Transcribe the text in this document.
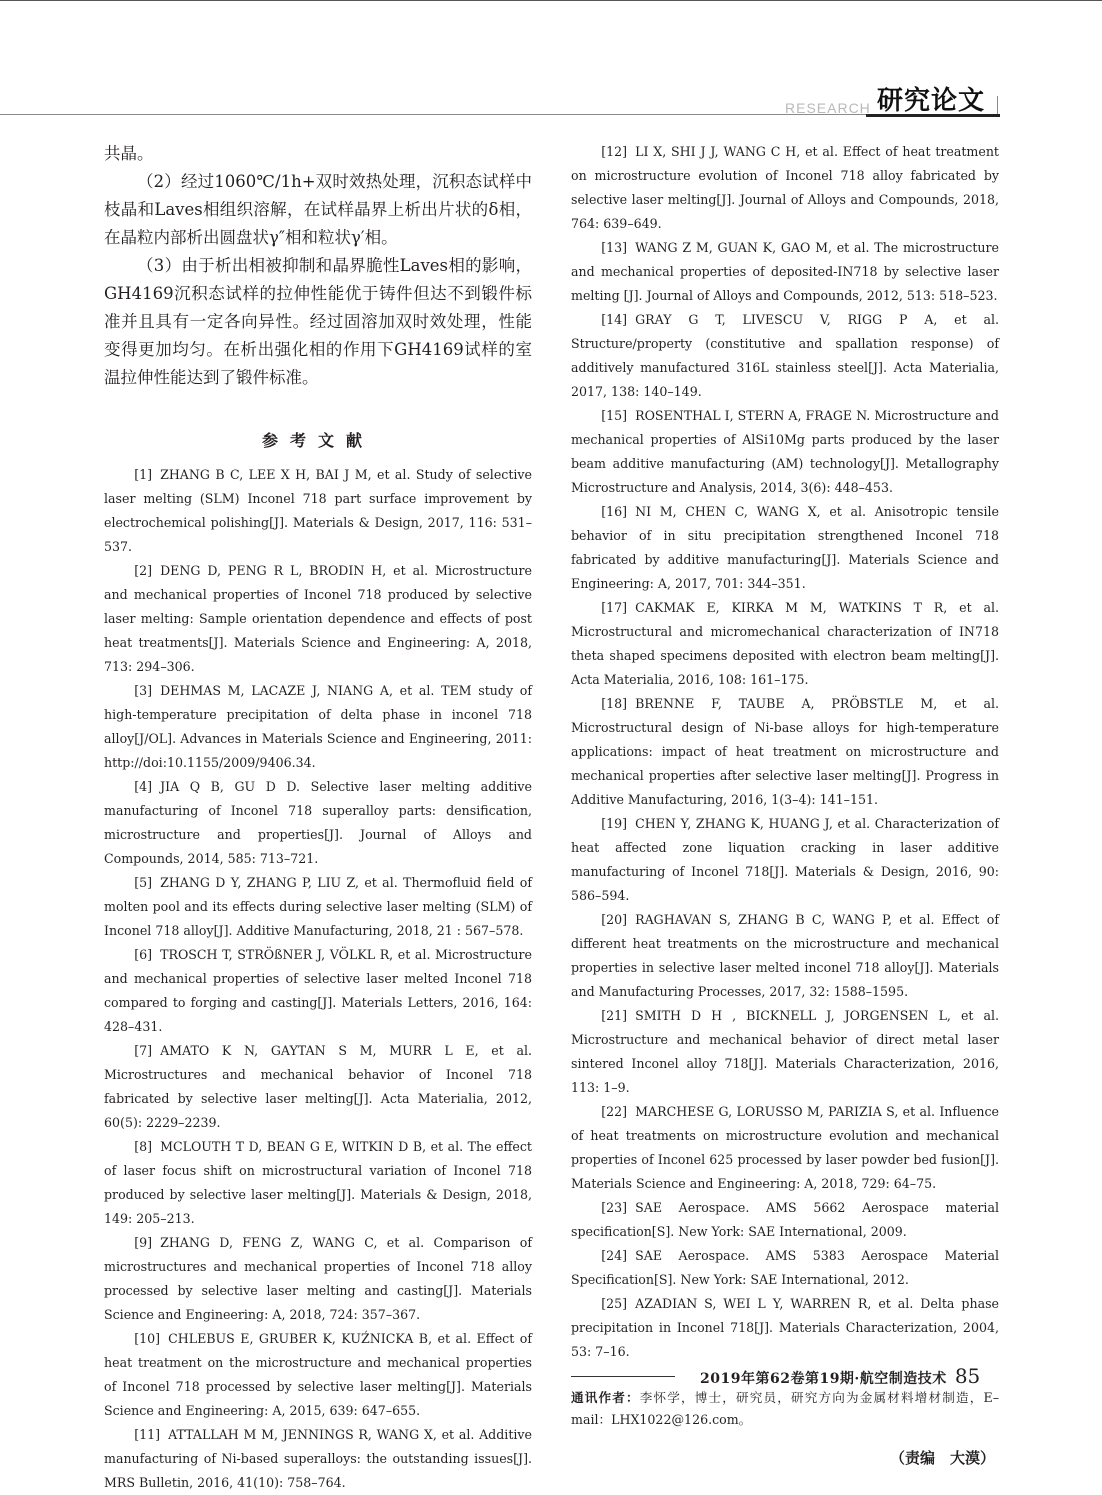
RESEARCH 研究论文

共晶。

（2）经过1060℃/1h+双时效热处理，沉积态试样中枝晶和Laves相组织溶解，在试样晶界上析出片状的δ相，在晶粒内部析出圆盘状γ″相和粒状γ′相。

（3）由于析出相被抑制和晶界脆性Laves相的影响，GH4169沉积态试样的拉伸性能优于铸件但达不到锻件标准并且具有一定各向异性。经过固溶加双时效处理，性能变得更加均匀。在析出强化相的作用下GH4169试样的室温拉伸性能达到了锻件标准。

参考文献

[1] ZHANG B C, LEE X H, BAI J M, et al. Study of selective laser melting (SLM) Inconel 718 part surface improvement by electrochemical polishing[J]. Materials & Design, 2017, 116: 531–537.

[2] DENG D, PENG R L, BRODIN H, et al. Microstructure and mechanical properties of Inconel 718 produced by selective laser melting: Sample orientation dependence and effects of post heat treatments[J]. Materials Science and Engineering: A, 2018, 713: 294–306.

[3] DEHMAS M, LACAZE J, NIANG A, et al. TEM study of high-temperature precipitation of delta phase in inconel 718 alloy[J/OL]. Advances in Materials Science and Engineering, 2011: http://doi:10.1155/2009/9406.34.

[4] JIA Q B, GU D D. Selective laser melting additive manufacturing of Inconel 718 superalloy parts: densification, microstructure and properties[J]. Journal of Alloys and Compounds, 2014, 585: 713–721.

[5] ZHANG D Y, ZHANG P, LIU Z, et al. Thermofluid field of molten pool and its effects during selective laser melting (SLM) of Inconel 718 alloy[J]. Additive Manufacturing, 2018, 21 : 567–578.

[6] TROSCH T, STRÖßNER J, VÖLKL R, et al. Microstructure and mechanical properties of selective laser melted Inconel 718 compared to forging and casting[J]. Materials Letters, 2016, 164: 428–431.

[7] AMATO K N, GAYTAN S M, MURR L E, et al. Microstructures and mechanical behavior of Inconel 718 fabricated by selective laser melting[J]. Acta Materialia, 2012, 60(5): 2229–2239.

[8] MCLOUTH T D, BEAN G E, WITKIN D B, et al. The effect of laser focus shift on microstructural variation of Inconel 718 produced by selective laser melting[J]. Materials & Design, 2018, 149: 205–213.

[9] ZHANG D, FENG Z, WANG C, et al. Comparison of microstructures and mechanical properties of Inconel 718 alloy processed by selective laser melting and casting[J]. Materials Science and Engineering: A, 2018, 724: 357–367.

[10] CHLEBUS E, GRUBER K, KUŹNICKA B, et al. Effect of heat treatment on the microstructure and mechanical properties of Inconel 718 processed by selective laser melting[J]. Materials Science and Engineering: A, 2015, 639: 647–655.

[11] ATTALLAH M M, JENNINGS R, WANG X, et al. Additive manufacturing of Ni-based superalloys: the outstanding issues[J]. MRS Bulletin, 2016, 41(10): 758–764.

[12] LI X, SHI J J, WANG C H, et al. Effect of heat treatment on microstructure evolution of Inconel 718 alloy fabricated by selective laser melting[J]. Journal of Alloys and Compounds, 2018, 764: 639–649.

[13] WANG Z M, GUAN K, GAO M, et al. The microstructure and mechanical properties of deposited-IN718 by selective laser melting [J]. Journal of Alloys and Compounds, 2012, 513: 518–523.

[14] GRAY G T, LIVESCU V, RIGG P A, et al. Structure/property (constitutive and spallation response) of additively manufactured 316L stainless steel[J]. Acta Materialia, 2017, 138: 140–149.

[15] ROSENTHAL I, STERN A, FRAGE N. Microstructure and mechanical properties of AlSi10Mg parts produced by the laser beam additive manufacturing (AM) technology[J]. Metallography Microstructure and Analysis, 2014, 3(6): 448–453.

[16] NI M, CHEN C, WANG X, et al. Anisotropic tensile behavior of in situ precipitation strengthened Inconel 718 fabricated by additive manufacturing[J]. Materials Science and Engineering: A, 2017, 701: 344–351.

[17] CAKMAK E, KIRKA M M, WATKINS T R, et al. Microstructural and micromechanical characterization of IN718 theta shaped specimens deposited with electron beam melting[J]. Acta Materialia, 2016, 108: 161–175.

[18] BRENNE F, TAUBE A, PRÖBSTLE M, et al. Microstructural design of Ni-base alloys for high-temperature applications: impact of heat treatment on microstructure and mechanical properties after selective laser melting[J]. Progress in Additive Manufacturing, 2016, 1(3–4): 141–151.

[19] CHEN Y, ZHANG K, HUANG J, et al. Characterization of heat affected zone liquation cracking in laser additive manufacturing of Inconel 718[J]. Materials & Design, 2016, 90: 586–594.

[20] RAGHAVAN S, ZHANG B C, WANG P, et al. Effect of different heat treatments on the microstructure and mechanical properties in selective laser melted inconel 718 alloy[J]. Materials and Manufacturing Processes, 2017, 32: 1588–1595.

[21] SMITH D H , BICKNELL J, JORGENSEN L, et al. Microstructure and mechanical behavior of direct metal laser sintered Inconel alloy 718[J]. Materials Characterization, 2016, 113: 1–9.

[22] MARCHESE G, LORUSSO M, PARIZIA S, et al. Influence of heat treatments on microstructure evolution and mechanical properties of Inconel 625 processed by laser powder bed fusion[J]. Materials Science and Engineering: A, 2018, 729: 64–75.

[23] SAE Aerospace. AMS 5662 Aerospace material specification[S]. New York: SAE International, 2009.

[24] SAE Aerospace. AMS 5383 Aerospace Material Specification[S]. New York: SAE International, 2012.

[25] AZADIAN S, WEI L Y, WARREN R, et al. Delta phase precipitation in Inconel 718[J]. Materials Characterization, 2004, 53: 7–16.

通讯作者：李怀学，博士，研究员，研究方向为金属材料增材制造，E–mail：LHX1022@126.com。

（责编　大漠）
2019年第62卷第19期·航空制造技术 85
